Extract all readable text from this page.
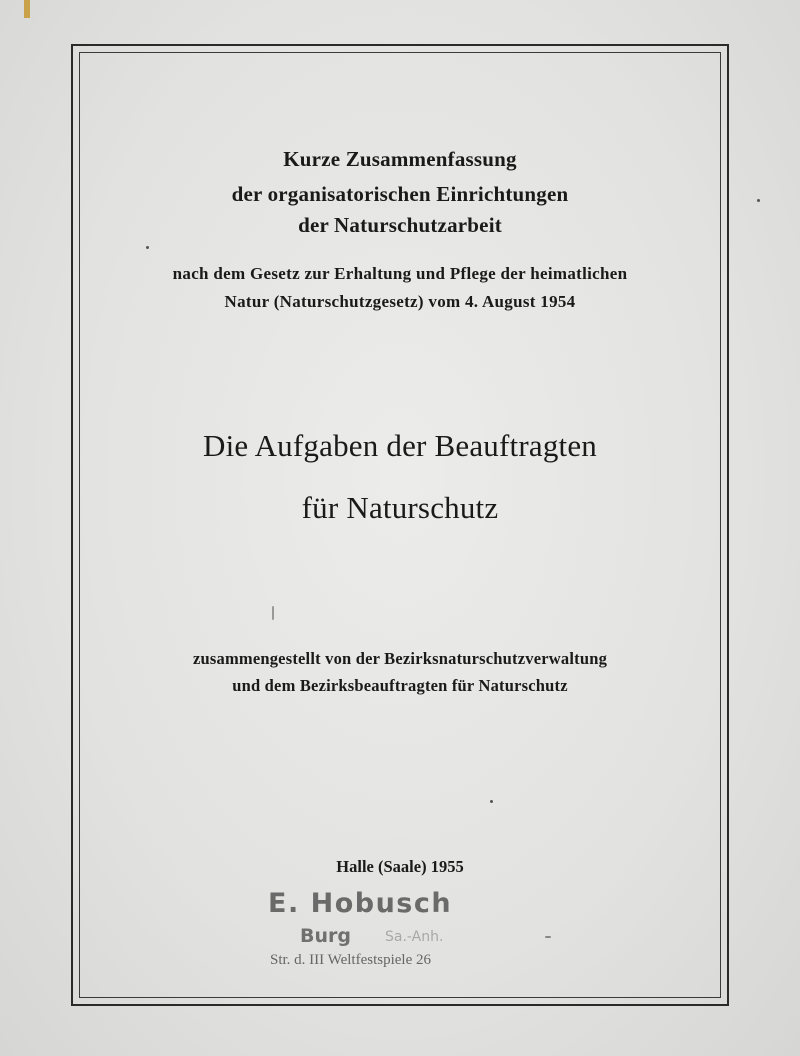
Kurze Zusammenfassung

der organisatorischen Einrichtungen

der Naturschutzarbeit

nach dem Gesetz zur Erhaltung und Pflege der heimatlichen

Natur (Naturschutzgesetz) vom 4. August 1954

Die Aufgaben der Beauftragten

für Naturschutz

zusammengestellt von der Bezirksnaturschutzverwaltung

und dem Bezirksbeauftragten für Naturschutz

Halle (Saale) 1955

E. Hobusch
Burg Sa.-Anh.
Str. d. III Weltfestspiele 26
